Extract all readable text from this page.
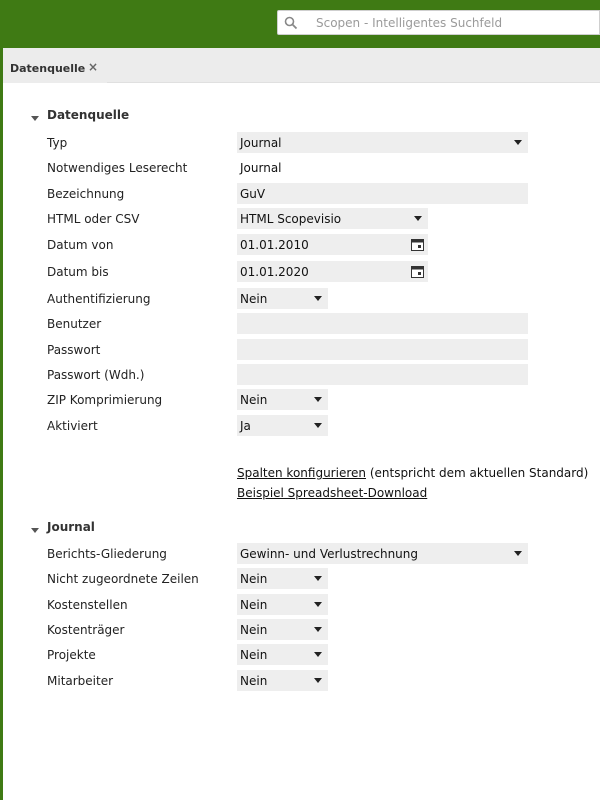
Scopen - Intelligentes Suchfeld
Datenquelle ×
Datenquelle
Typ	Journal
Notwendiges Leserecht	Journal
Bezeichnung	GuV
HTML oder CSV	HTML Scopevisio
Datum von	01.01.2010
Datum bis	01.01.2020
Authentifizierung	Nein
Benutzer
Passwort
Passwort (Wdh.)
ZIP Komprimierung	Nein
Aktiviert	Ja
Spalten konfigurieren (entspricht dem aktuellen Standard)
Beispiel Spreadsheet-Download
Journal
Berichts-Gliederung	Gewinn- und Verlustrechnung
Nicht zugeordnete Zeilen	Nein
Kostenstellen	Nein
Kostenträger	Nein
Projekte	Nein
Mitarbeiter	Nein
